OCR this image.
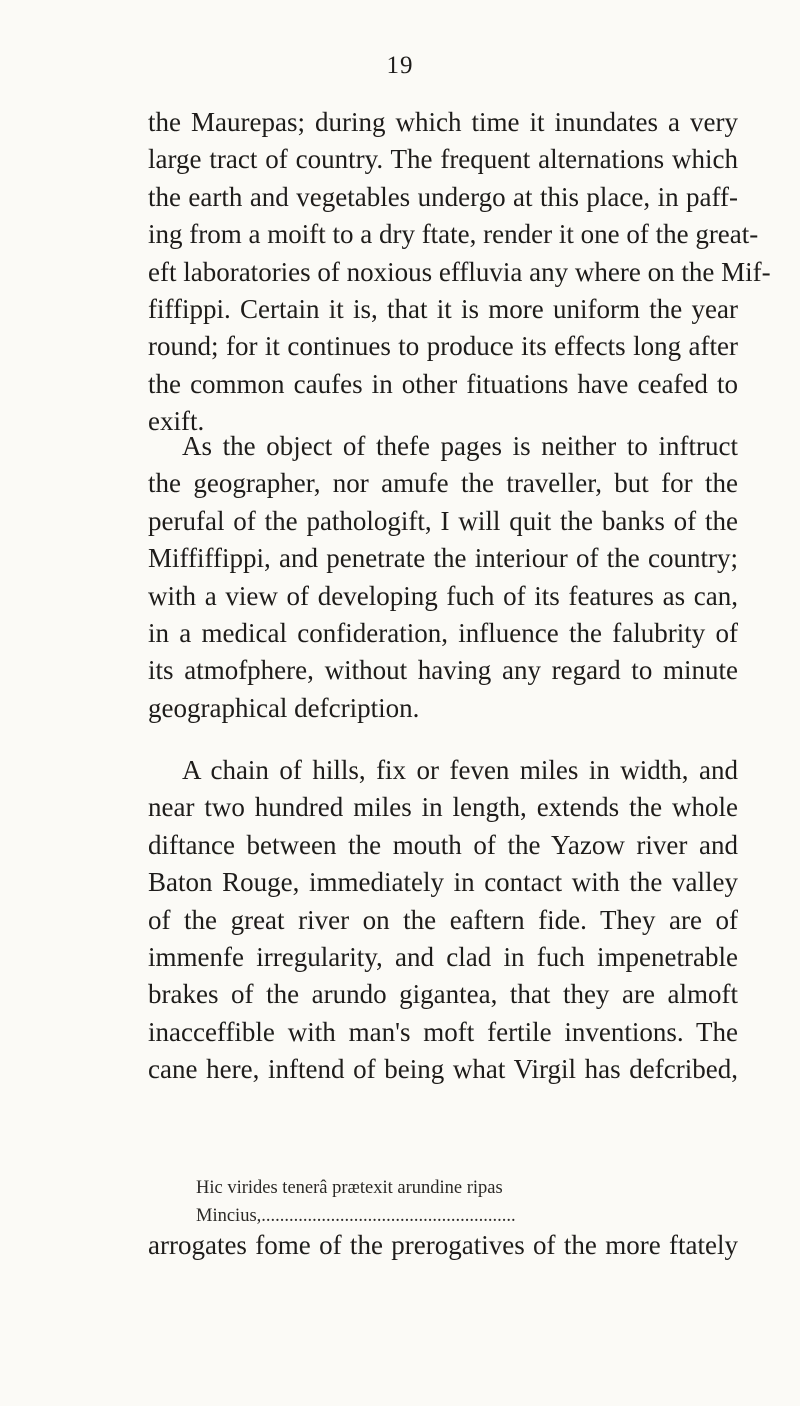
19
the Maurepas; during which time it inundates a very
large tract of country. The frequent alternations which
the earth and vegetables undergo at this place, in paff-
ing from a moift to a dry ftate, render it one of the great-
eft laboratories of noxious effluvia any where on the Mif-
fiffippi. Certain it is, that it is more uniform the year
round; for it continues to produce its effects long after
the common caufes in other fituations have ceafed to
exift.
As the object of thefe pages is neither to inftruct
the geographer, nor amufe the traveller, but for the
perufal of the pathologift, I will quit the banks of the
Miffiffippi, and penetrate the interiour of the country;
with a view of developing fuch of its features as can,
in a medical confideration, influence the falubrity of
its atmofphere, without having any regard to minute
geographical defcription.
A chain of hills, fix or feven miles in width, and
near two hundred miles in length, extends the whole
diftance between the mouth of the Yazow river and
Baton Rouge, immediately in contact with the valley
of the great river on the eaftern fide. They are of
immenfe irregularity, and clad in fuch impenetrable
brakes of the arundo gigantea, that they are almoft
inacceffible with man's moft fertile inventions. The
cane here, inftend of being what Virgil has defcribed,
Hic virides tenerâ prætexit arundine ripas
Mincius,.......................................................
arrogates fome of the prerogatives of the more ftately
